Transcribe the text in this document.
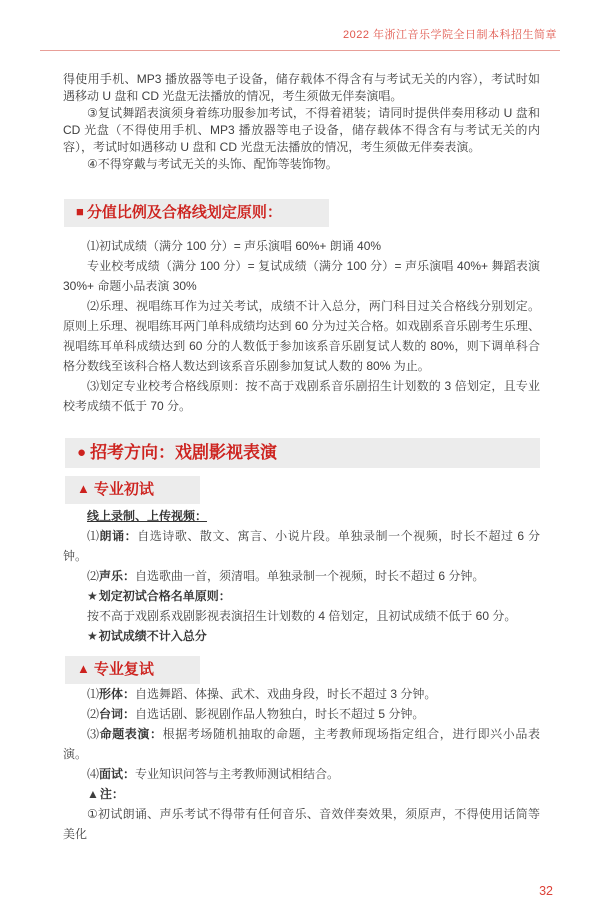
2022 年浙江音乐学院全日制本科招生简章

得使用手机、MP3 播放器等电子设备，储存载体不得含有与考试无关的内容），考试时如遇移动 U 盘和 CD 光盘无法播放的情况，考生须做无伴奏演唱。

③复试舞蹈表演须身着练功服参加考试，不得着裙装；请同时提供伴奏用移动 U 盘和 CD 光盘（不得使用手机、MP3 播放器等电子设备，储存载体不得含有与考试无关的内容），考试时如遇移动 U 盘和 CD 光盘无法播放的情况，考生须做无伴奏表演。

④不得穿戴与考试无关的头饰、配饰等装饰物。

■ 分值比例及合格线划定原则：

⑴初试成绩（满分 100 分）= 声乐演唱 60%+ 朗诵 40%

专业校考成绩（满分 100 分）= 复试成绩（满分 100 分）= 声乐演唱 40%+ 舞蹈表演 30%+ 命题小品表演 30%

⑵乐理、视唱练耳作为过关考试，成绩不计入总分，两门科目过关合格线分别划定。原则上乐理、视唱练耳两门单科成绩均达到 60 分为过关合格。如戏剧系音乐剧考生乐理、视唱练耳单科成绩达到 60 分的人数低于参加该系音乐剧复试人数的 80%，则下调单科合格分数线至该科合格人数达到该系音乐剧参加复试人数的 80% 为止。

⑶划定专业校考合格线原则：按不高于戏剧系音乐剧招生计划数的 3 倍划定，且专业校考成绩不低于 70 分。

● 招考方向：戏剧影视表演
▲ 专业初试

线上录制、上传视频：

⑴朗诵：自选诗歌、散文、寓言、小说片段。单独录制一个视频，时长不超过 6 分钟。

⑵声乐：自选歌曲一首，须清唱。单独录制一个视频，时长不超过 6 分钟。

★划定初试合格名单原则：

按不高于戏剧系戏剧影视表演招生计划数的 4 倍划定，且初试成绩不低于 60 分。

★初试成绩不计入总分

▲ 专业复试

⑴形体：自选舞蹈、体操、武术、戏曲身段，时长不超过 3 分钟。

⑵台词：自选话剧、影视剧作品人物独白，时长不超过 5 分钟。

⑶命题表演：根据考场随机抽取的命题，主考教师现场指定组合，进行即兴小品表演。

⑷面试：专业知识问答与主考教师测试相结合。

▲注：

①初试朗诵、声乐考试不得带有任何音乐、音效伴奏效果，须原声，不得使用话筒等美化

32
